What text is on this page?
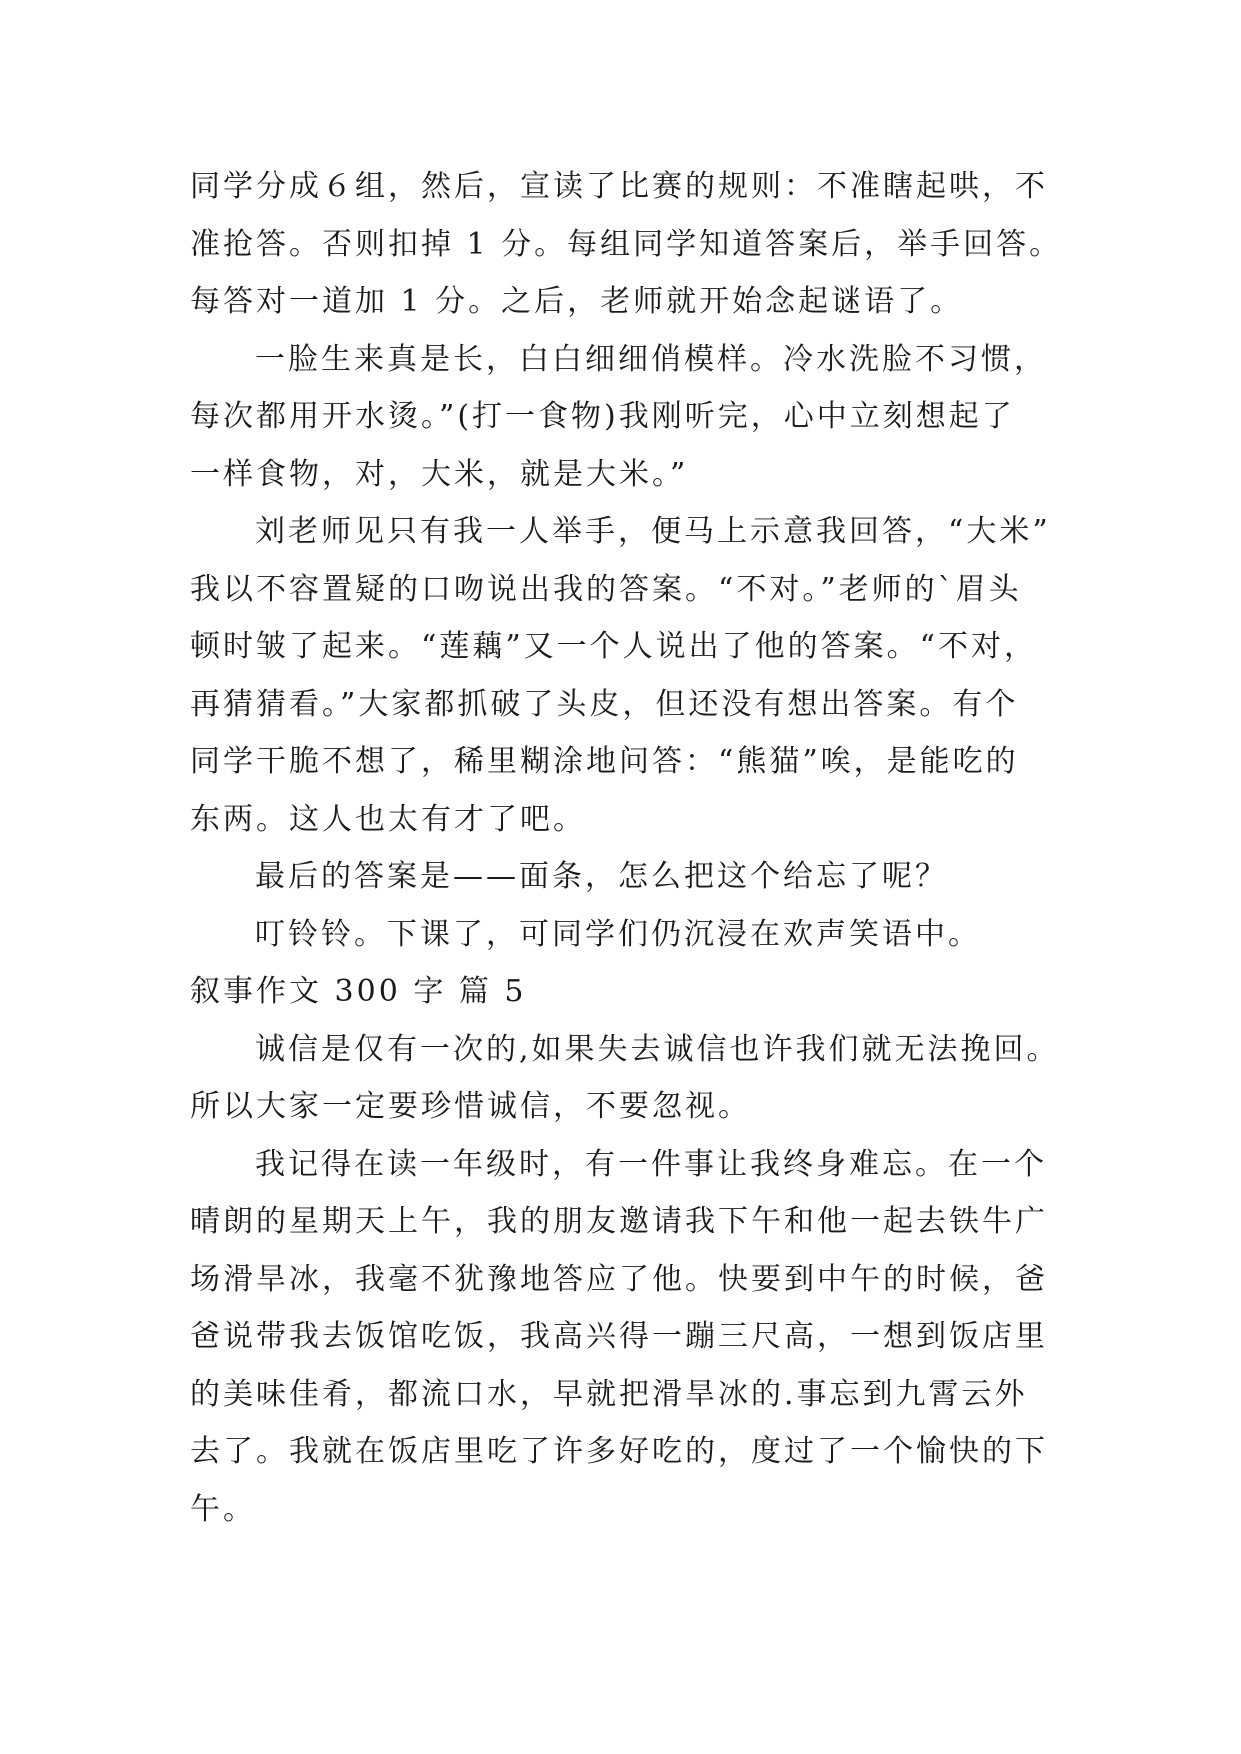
同学分成６组，然后，宣读了比赛的规则：不准瞎起哄，不
准抢答。否则扣掉 1 分。每组同学知道答案后，举手回答。
每答对一道加 1 分。之后，老师就开始念起谜语了。
一脸生来真是长，白白细细俏模样。冷水洗脸不习惯，
每次都用开水烫。”(打一食物)我刚听完，心中立刻想起了
一样食物，对，大米，就是大米。”
刘老师见只有我一人举手，便马上示意我回答，“大米”
我以不容置疑的口吻说出我的答案。“不对。”老师的`眉头
顿时皱了起来。“莲藕”又一个人说出了他的答案。“不对，
再猜猜看。”大家都抓破了头皮，但还没有想出答案。有个
同学干脆不想了，稀里糊涂地问答：“熊猫”唉，是能吃的
东两。这人也太有才了吧。
最后的答案是——面条，怎么把这个给忘了呢？
叮铃铃。下课了，可同学们仍沉浸在欢声笑语中。
叙事作文 300 字 篇 5
诚信是仅有一次的,如果失去诚信也许我们就无法挽回。
所以大家一定要珍惜诚信，不要忽视。
我记得在读一年级时，有一件事让我终身难忘。在一个
晴朗的星期天上午，我的朋友邀请我下午和他一起去铁牛广
场滑旱冰，我毫不犹豫地答应了他。快要到中午的时候，爸
爸说带我去饭馆吃饭，我高兴得一蹦三尺高，一想到饭店里
的美味佳肴，都流口水，早就把滑旱冰的.事忘到九霄云外
去了。我就在饭店里吃了许多好吃的，度过了一个愉快的下
午。
